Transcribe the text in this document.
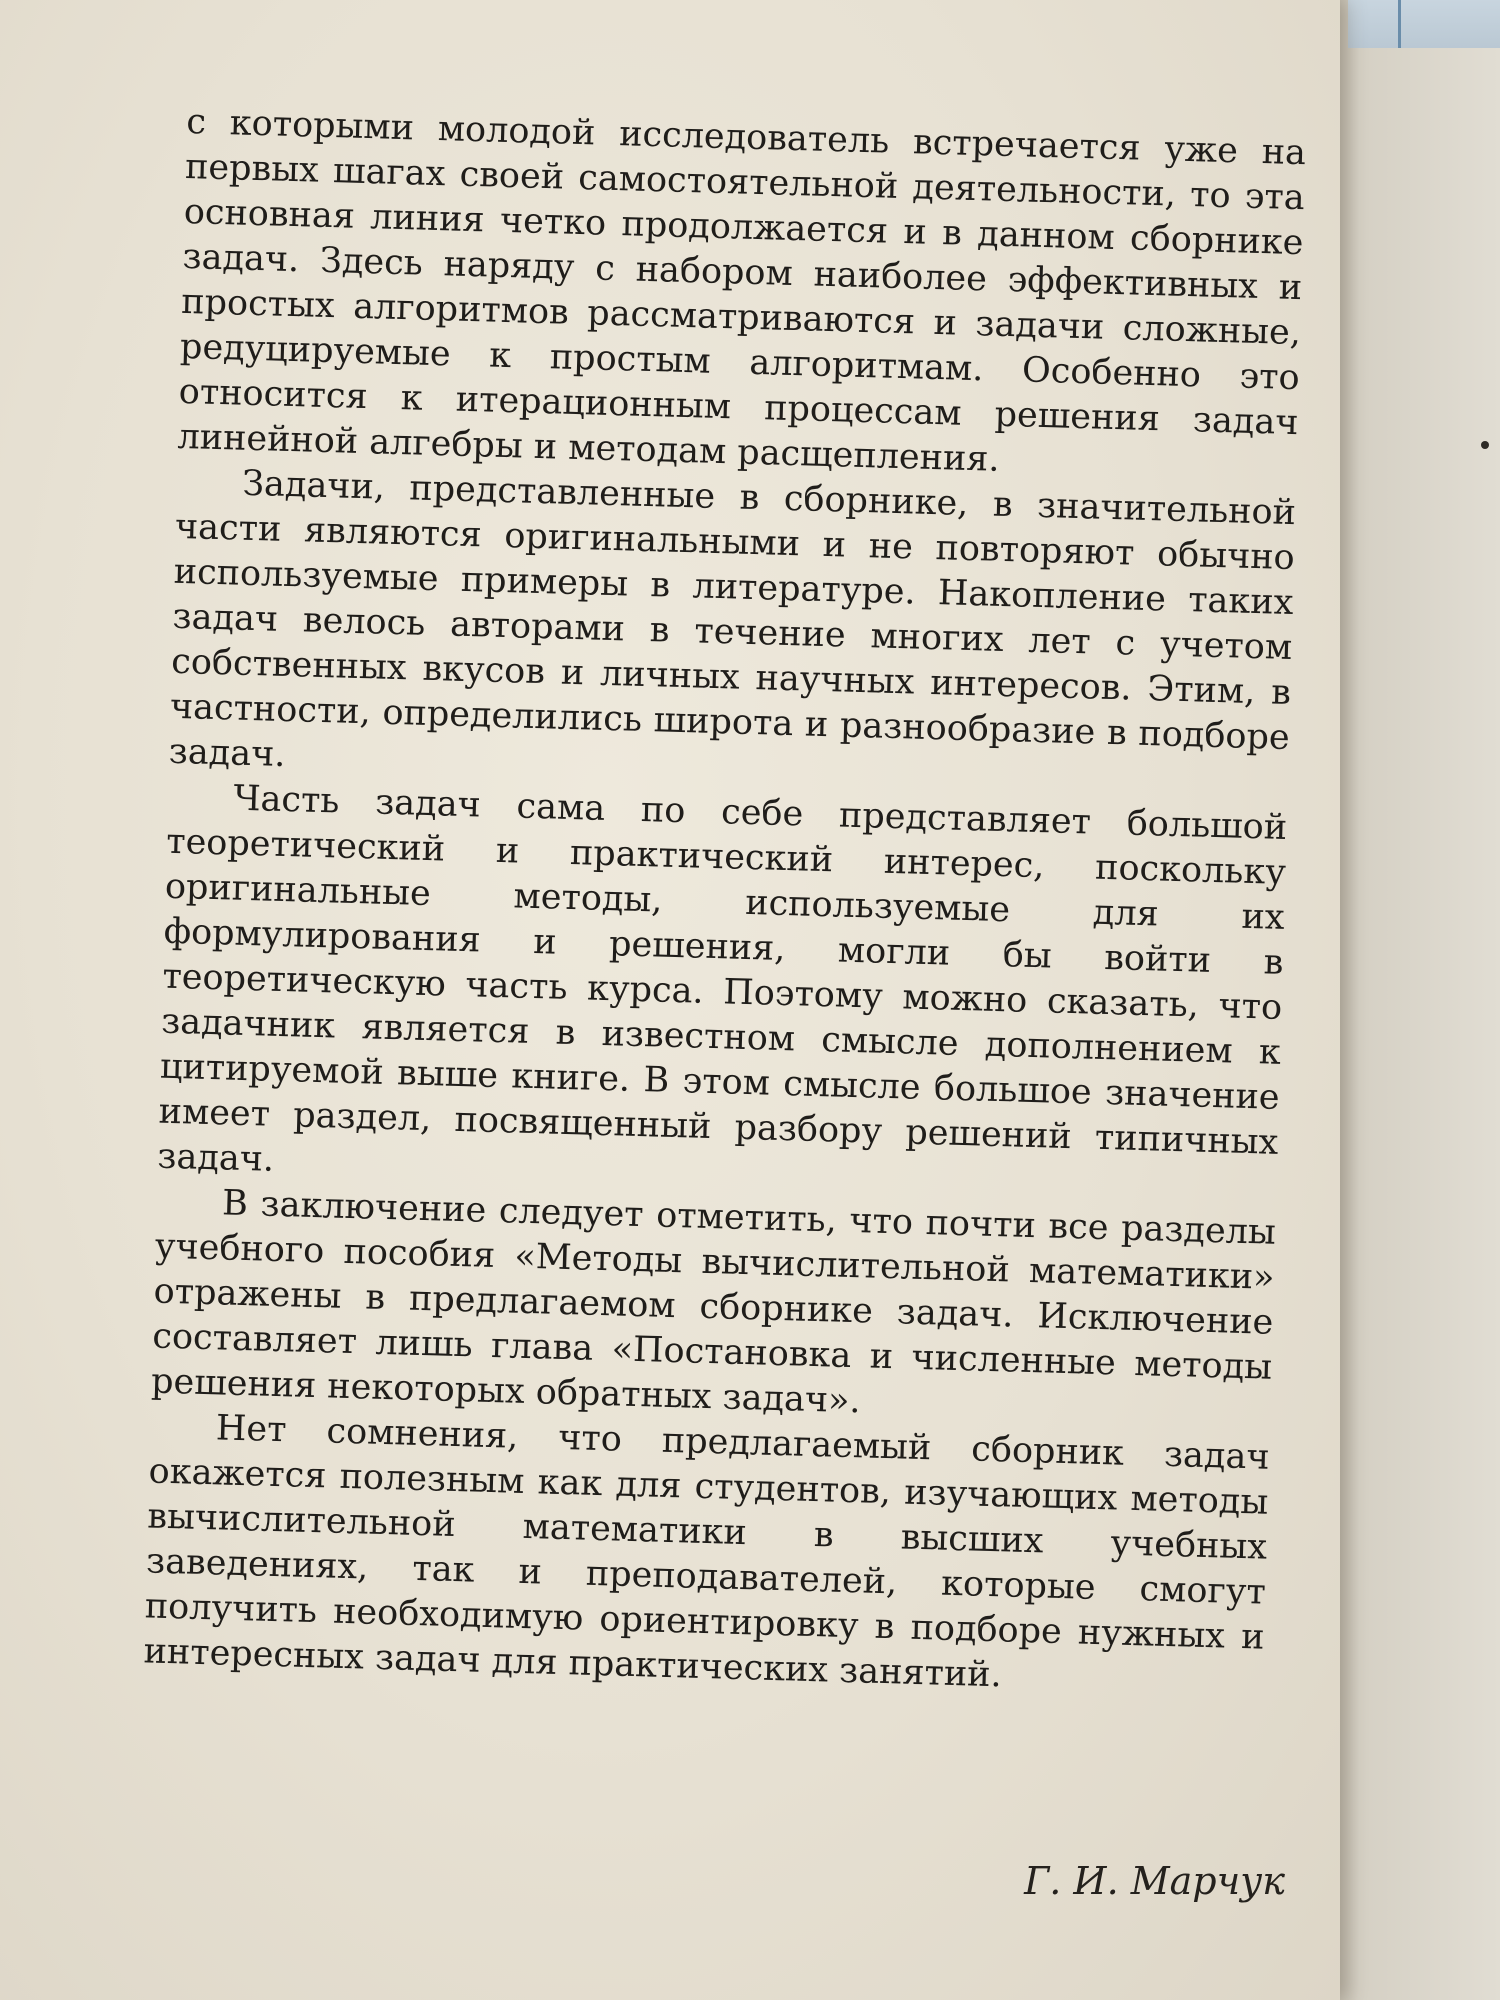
с которыми молодой исследователь встречается уже на первых шагах своей самостоятельной деятельности, то эта основная линия четко продолжается и в данном сборнике задач. Здесь наряду с набором наиболее эффективных и простых алгоритмов рассматриваются и задачи сложные, редуцируемые к простым алгоритмам. Особенно это относится к итерационным процессам решения задач линейной алгебры и методам расщепления.

Задачи, представленные в сборнике, в значительной части являются оригинальными и не повторяют обычно используемые примеры в литературе. Накопление таких задач велось авторами в течение многих лет с учетом собственных вкусов и личных научных интересов. Этим, в частности, определились широта и разнообразие в подборе задач.

Часть задач сама по себе представляет большой теоретический и практический интерес, поскольку оригинальные методы, используемые для их формулирования и решения, могли бы войти в теоретическую часть курса. Поэтому можно сказать, что задачник является в известном смысле дополнением к цитируемой выше книге. В этом смысле большое значение имеет раздел, посвященный разбору решений типичных задач.

В заключение следует отметить, что почти все разделы учебного пособия «Методы вычислительной математики» отражены в предлагаемом сборнике задач. Исключение составляет лишь глава «Постановка и численные методы решения некоторых обратных задач».

Нет сомнения, что предлагаемый сборник задач окажется полезным как для студентов, изучающих методы вычислительной математики в высших учебных заведениях, так и преподавателей, которые смогут получить необходимую ориентировку в подборе нужных и интересных задач для практических занятий.

Г. И. Марчук
